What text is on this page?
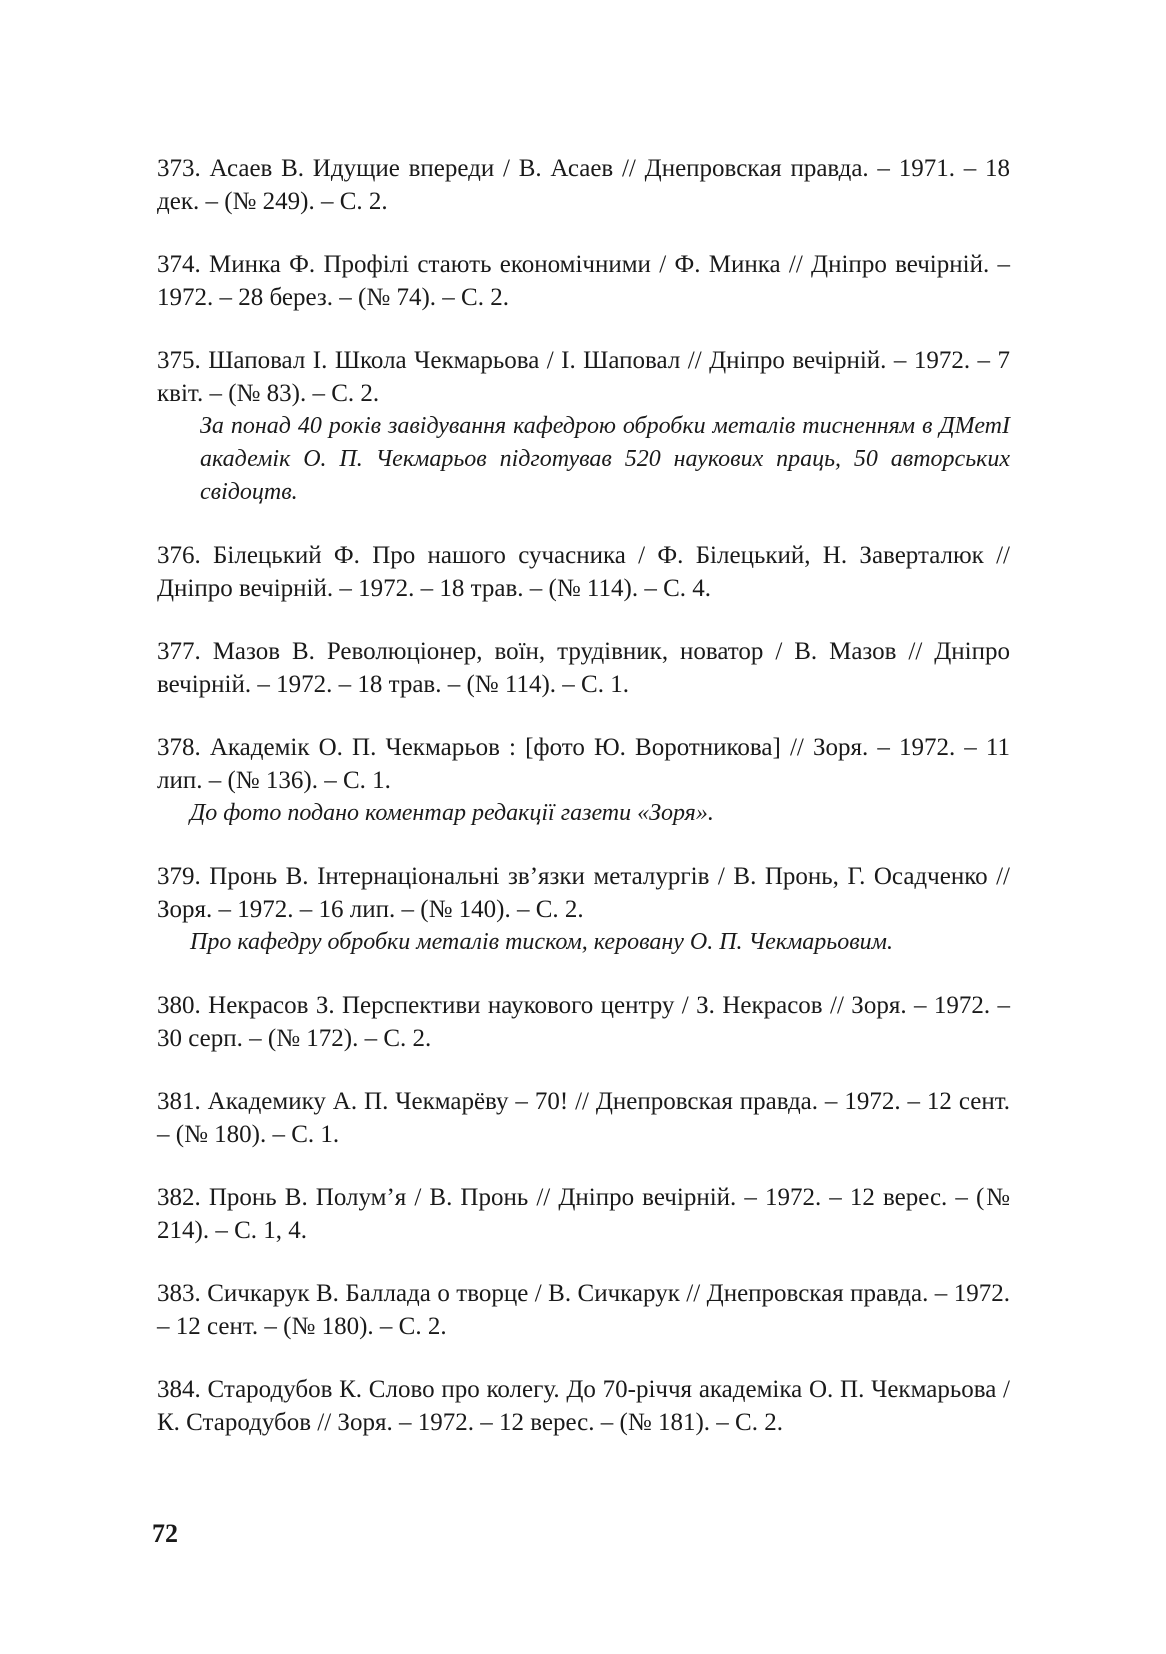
373. Асаев В. Идущие впереди / В. Асаев // Днепровская правда. – 1971. – 18 дек. – (№ 249). – С. 2.
374. Минка Ф. Профілі стають економічними / Ф. Минка // Дніпро вечірній. – 1972. – 28 берез. – (№ 74). – С. 2.
375. Шаповал І. Школа Чекмарьова / І. Шаповал // Дніпро вечірній. – 1972. – 7 квіт. – (№ 83). – С. 2.
За понад 40 років завідування кафедрою обробки металів тисненням в ДМетІ академік О. П. Чекмарьов підготував 520 наукових праць, 50 авторських свідоцтв.
376. Білецький Ф. Про нашого сучасника / Ф. Білецький, Н. Заверталюк // Дніпро вечірній. – 1972. – 18 трав. – (№ 114). – С. 4.
377. Мазов В. Революціонер, воїн, трудівник, новатор / В. Мазов // Дніпро вечірній. – 1972. – 18 трав. – (№ 114). – С. 1.
378. Академік О. П. Чекмарьов : [фото Ю. Воротникова] // Зоря. – 1972. – 11 лип. – (№ 136). – С. 1.
До фото подано коментар редакції газети «Зоря».
379. Пронь В. Інтернаціональні зв’язки металургів / В. Пронь, Г. Осадченко // Зоря. – 1972. – 16 лип. – (№ 140). – С. 2.
Про кафедру обробки металів тиском, керовану О. П. Чекмарьовим.
380. Некрасов З. Перспективи наукового центру / З. Некрасов // Зоря. – 1972. – 30 серп. – (№ 172). – С. 2.
381. Академику А. П. Чекмарёву – 70! // Днепровская правда. – 1972. – 12 сент. – (№ 180). – С. 1.
382. Пронь В. Полум’я / В. Пронь // Дніпро вечірній. – 1972. – 12 верес. – (№ 214). – С. 1, 4.
383. Сичкарук В. Баллада о творце / В. Сичкарук // Днепровская правда. – 1972. – 12 сент. – (№ 180). – С. 2.
384. Стародубов К. Слово про колегу. До 70-річчя академіка О. П. Чекмарьова / К. Стародубов // Зоря. – 1972. – 12 верес. – (№ 181). – С. 2.
72
